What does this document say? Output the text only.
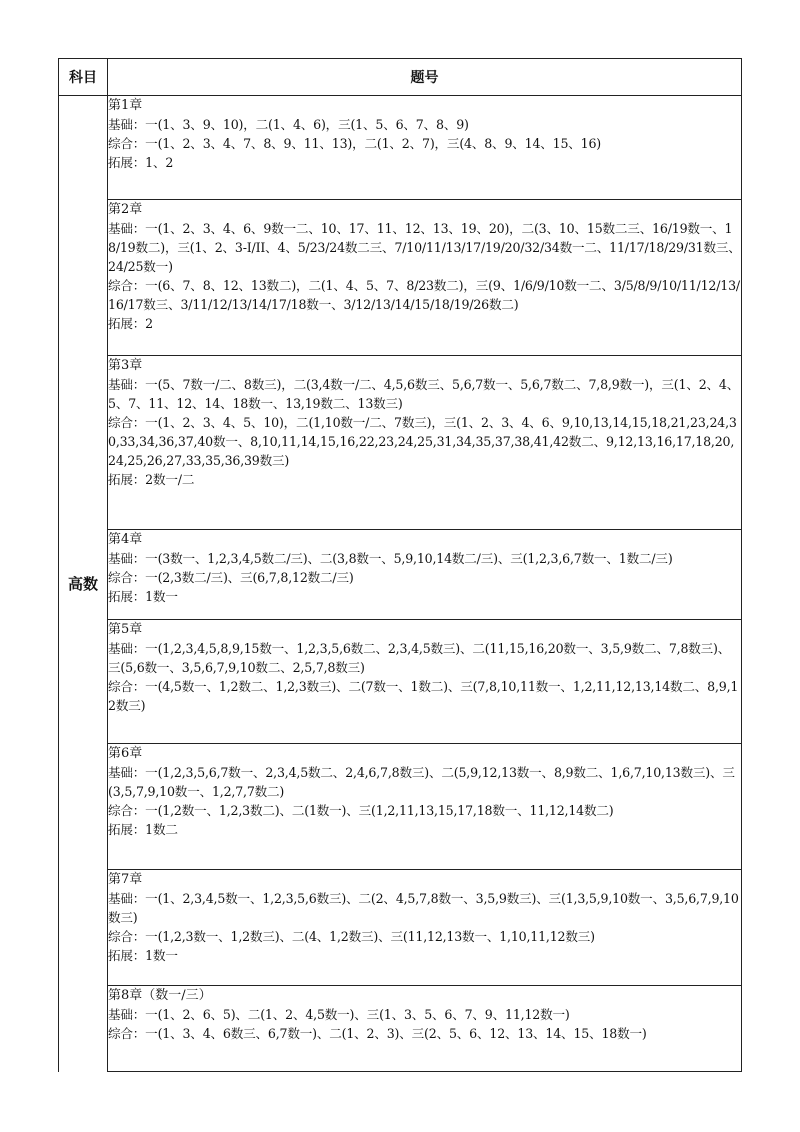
科目	题号
高数	第1章
基础：一(1、3、9、10)，二(1、4、6)，三(1、5、6、7、8、9)
综合：一(1、2、3、4、7、8、9、11、13)，二(1、2、7)，三(4、8、9、14、15、16)
拓展：1、2

	第2章
基础：一(1、2、3、4、6、9数一二、10、17、11、12、13、19、20)，二(3、10、15数二三、16/19数一、18/19数二)，三(1、2、3-I/II、4、5/23/24数二三、7/10/11/13/17/19/20/32/34数一二、11/17/18/29/31数三、24/25数一)
综合：一(6、7、8、12、13数二)，二(1、4、5、7、8/23数二)，三(9、1/6/9/10数一二、3/5/8/9/10/11/12/13/16/17数三、3/11/12/13/14/17/18数一、3/12/13/14/15/18/19/26数二)
拓展：2

	第3章
基础：一(5、7数一/二、8数三)，二(3,4数一/二、4,5,6数三、5,6,7数一、5,6,7数二、7,8,9数一)，三(1、2、4、5、7、11、12、14、18数一、13,19数二、13数三)
综合：一(1、2、3、4、5、10)，二(1,10数一/二、7数三)，三(1、2、3、4、6、9,10,13,14,15,18,21,23,24,30,33,34,36,37,40数一、8,10,11,14,15,16,22,23,24,25,31,34,35,37,38,41,42数二、9,12,13,16,17,18,20,24,25,26,27,33,35,36,39数三)
拓展：2数一/二

	第4章
基础：一(3数一、1,2,3,4,5数二/三)、二(3,8数一、5,9,10,14数二/三)、三(1,2,3,6,7数一、1数二/三)
综合：一(2,3数二/三)、三(6,7,8,12数二/三)
拓展：1数一

	第5章
基础：一(1,2,3,4,5,8,9,15数一、1,2,3,5,6数二、2,3,4,5数三)、二(11,15,16,20数一、3,5,9数二、7,8数三)、三(5,6数一、3,5,6,7,9,10数二、2,5,7,8数三)
综合：一(4,5数一、1,2数二、1,2,3数三)、二(7数一、1数二)、三(7,8,10,11数一、1,2,11,12,13,14数二、8,9,12数三)

	第6章
基础：一(1,2,3,5,6,7数一、2,3,4,5数二、2,4,6,7,8数三)、二(5,9,12,13数一、8,9数二、1,6,7,10,13数三)、三(3,5,7,9,10数一、1,2,7,7数二)
综合：一(1,2数一、1,2,3数二)、二(1数一)、三(1,2,11,13,15,17,18数一、11,12,14数二)
拓展：1数二

	第7章
基础：一(1、2,3,4,5数一、1,2,3,5,6数三)、二(2、4,5,7,8数一、3,5,9数三)、三(1,3,5,9,10数一、3,5,6,7,9,10数三)
综合：一(1,2,3数一、1,2数三)、二(4、1,2数三)、三(11,12,13数一、1,10,11,12数三)
拓展：1数一

	第8章（数一/三）
基础：一(1、2、6、5)、二(1、2、4,5数一)、三(1、3、5、6、7、9、11,12数一)
综合：一(1、3、4、6数三、6,7数一)、二(1、2、3)、三(2、5、6、12、13、14、15、18数一)
